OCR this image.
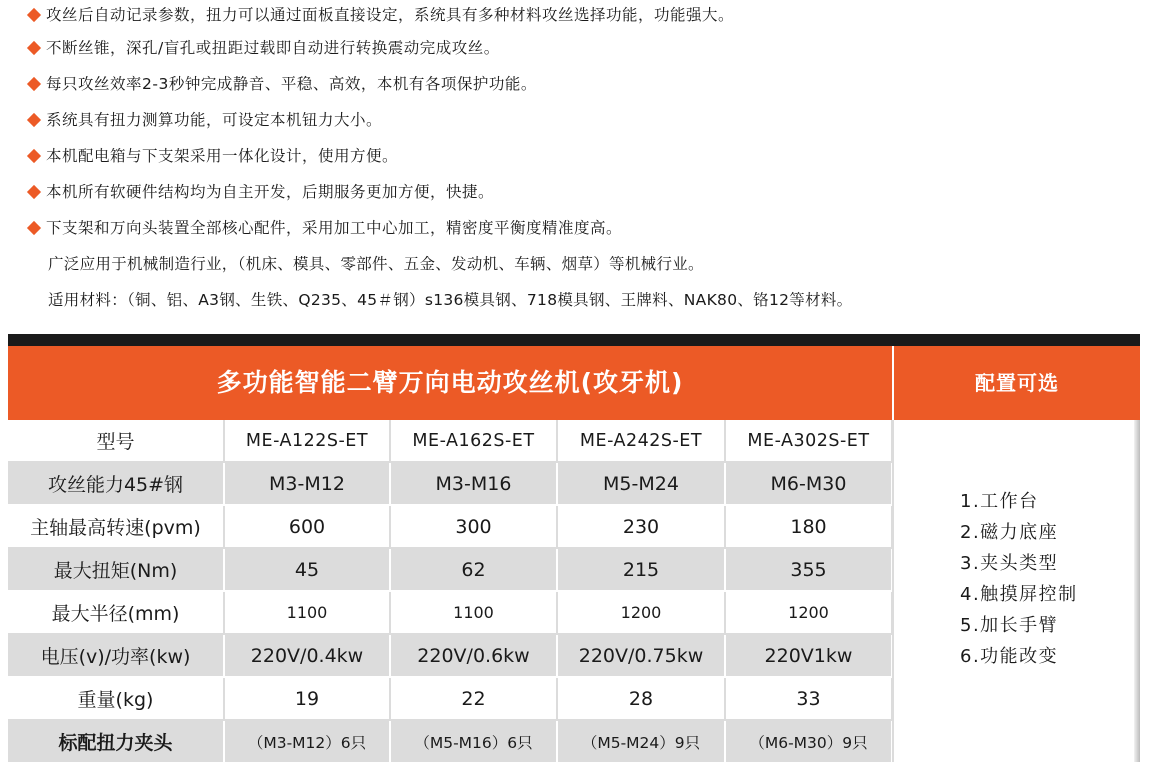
攻丝后自动记录参数，扭力可以通过面板直接设定，系统具有多种材料攻丝选择功能，功能强大。
不断丝锥，深孔/盲孔或扭距过载即自动进行转换震动完成攻丝。
每只攻丝效率2-3秒钟完成静音、平稳、高效，本机有各项保护功能。
系统具有扭力测算功能，可设定本机钮力大小。
本机配电箱与下支架采用一体化设计，使用方便。
本机所有软硬件结构均为自主开发，后期服务更加方便，快捷。
下支架和万向头装置全部核心配件，采用加工中心加工，精密度平衡度精准度高。
广泛应用于机械制造行业，（机床、模具、零部件、五金、发动机、车辆、烟草）等机械行业。
适用材料：（铜、铝、A3钢、生铁、Q235、45＃钢）s136模具钢、718模具钢、王牌料、NAK80、铬12等材料。
多功能智能二臂万向电动攻丝机(攻牙机)	配置可选
型号	ME-A122S-ET	ME-A162S-ET	ME-A242S-ET	ME-A302S-ET
攻丝能力45#钢	M3-M12	M3-M16	M5-M24	M6-M30
主轴最高转速(pvm)	600	300	230	180
最大扭矩(Nm)	45	62	215	355
最大半径(mm)	1100	1100	1200	1200
电压(v)/功率(kw)	220V/0.4kw	220V/0.6kw	220V/0.75kw	220V1kw
重量(kg)	19	22	28	33
标配扭力夹头	（M3-M12）6只	（M5-M16）6只	（M5-M24）9只	（M6-M30）9只
1.工作台
2.磁力底座
3.夹头类型
4.触摸屏控制
5.加长手臂
6.功能改变
